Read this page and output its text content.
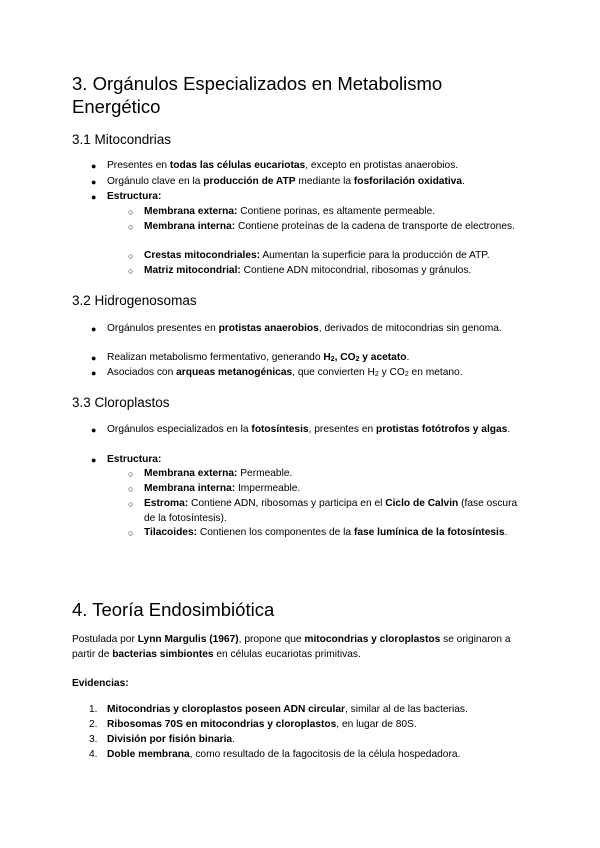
3. Orgánulos Especializados en Metabolismo
Energético
3.1 Mitocondrias
● Presentes en todas las células eucariotas, excepto en protistas anaerobios.
● Orgánulo clave en la producción de ATP mediante la fosforilación oxidativa.
● Estructura:
○ Membrana externa: Contiene porinas, es altamente permeable.
○ Membrana interna: Contiene proteínas de la cadena de transporte de electrones.
○ Crestas mitocondriales: Aumentan la superficie para la producción de ATP.
○ Matriz mitocondrial: Contiene ADN mitocondrial, ribosomas y gránulos.
3.2 Hidrogenosomas
● Orgánulos presentes en protistas anaerobios, derivados de mitocondrias sin genoma.
● Realizan metabolismo fermentativo, generando $H_2$, $CO_2$ y acetato.
● Asociados con arqueas metanogénicas, que convierten $H_2$ y $CO_2$ en metano.
3.3 Cloroplastos
● Orgánulos especializados en la fotosíntesis, presentes en protistas fotótrofos y algas.
● Estructura:
○ Membrana externa: Permeable.
○ Membrana interna: Impermeable.
○ Estroma: Contiene ADN, ribosomas y participa en el Ciclo de Calvin (fase oscura de la fotosíntesis).
○ Tilacoides: Contienen los componentes de la fase lumínica de la fotosíntesis.
4. Teoría Endosimbiótica
Postulada por Lynn Margulis (1967), propone que mitocondrias y cloroplastos se originaron a partir de bacterias simbiontes en células eucariotas primitivas.
Evidencias:
1. Mitocondrias y cloroplastos poseen ADN circular, similar al de las bacterias.
2. Ribosomas 70S en mitocondrias y cloroplastos, en lugar de 80S.
3. División por fisión binaria.
4. Doble membrana, como resultado de la fagocitosis de la célula hospedadora.
